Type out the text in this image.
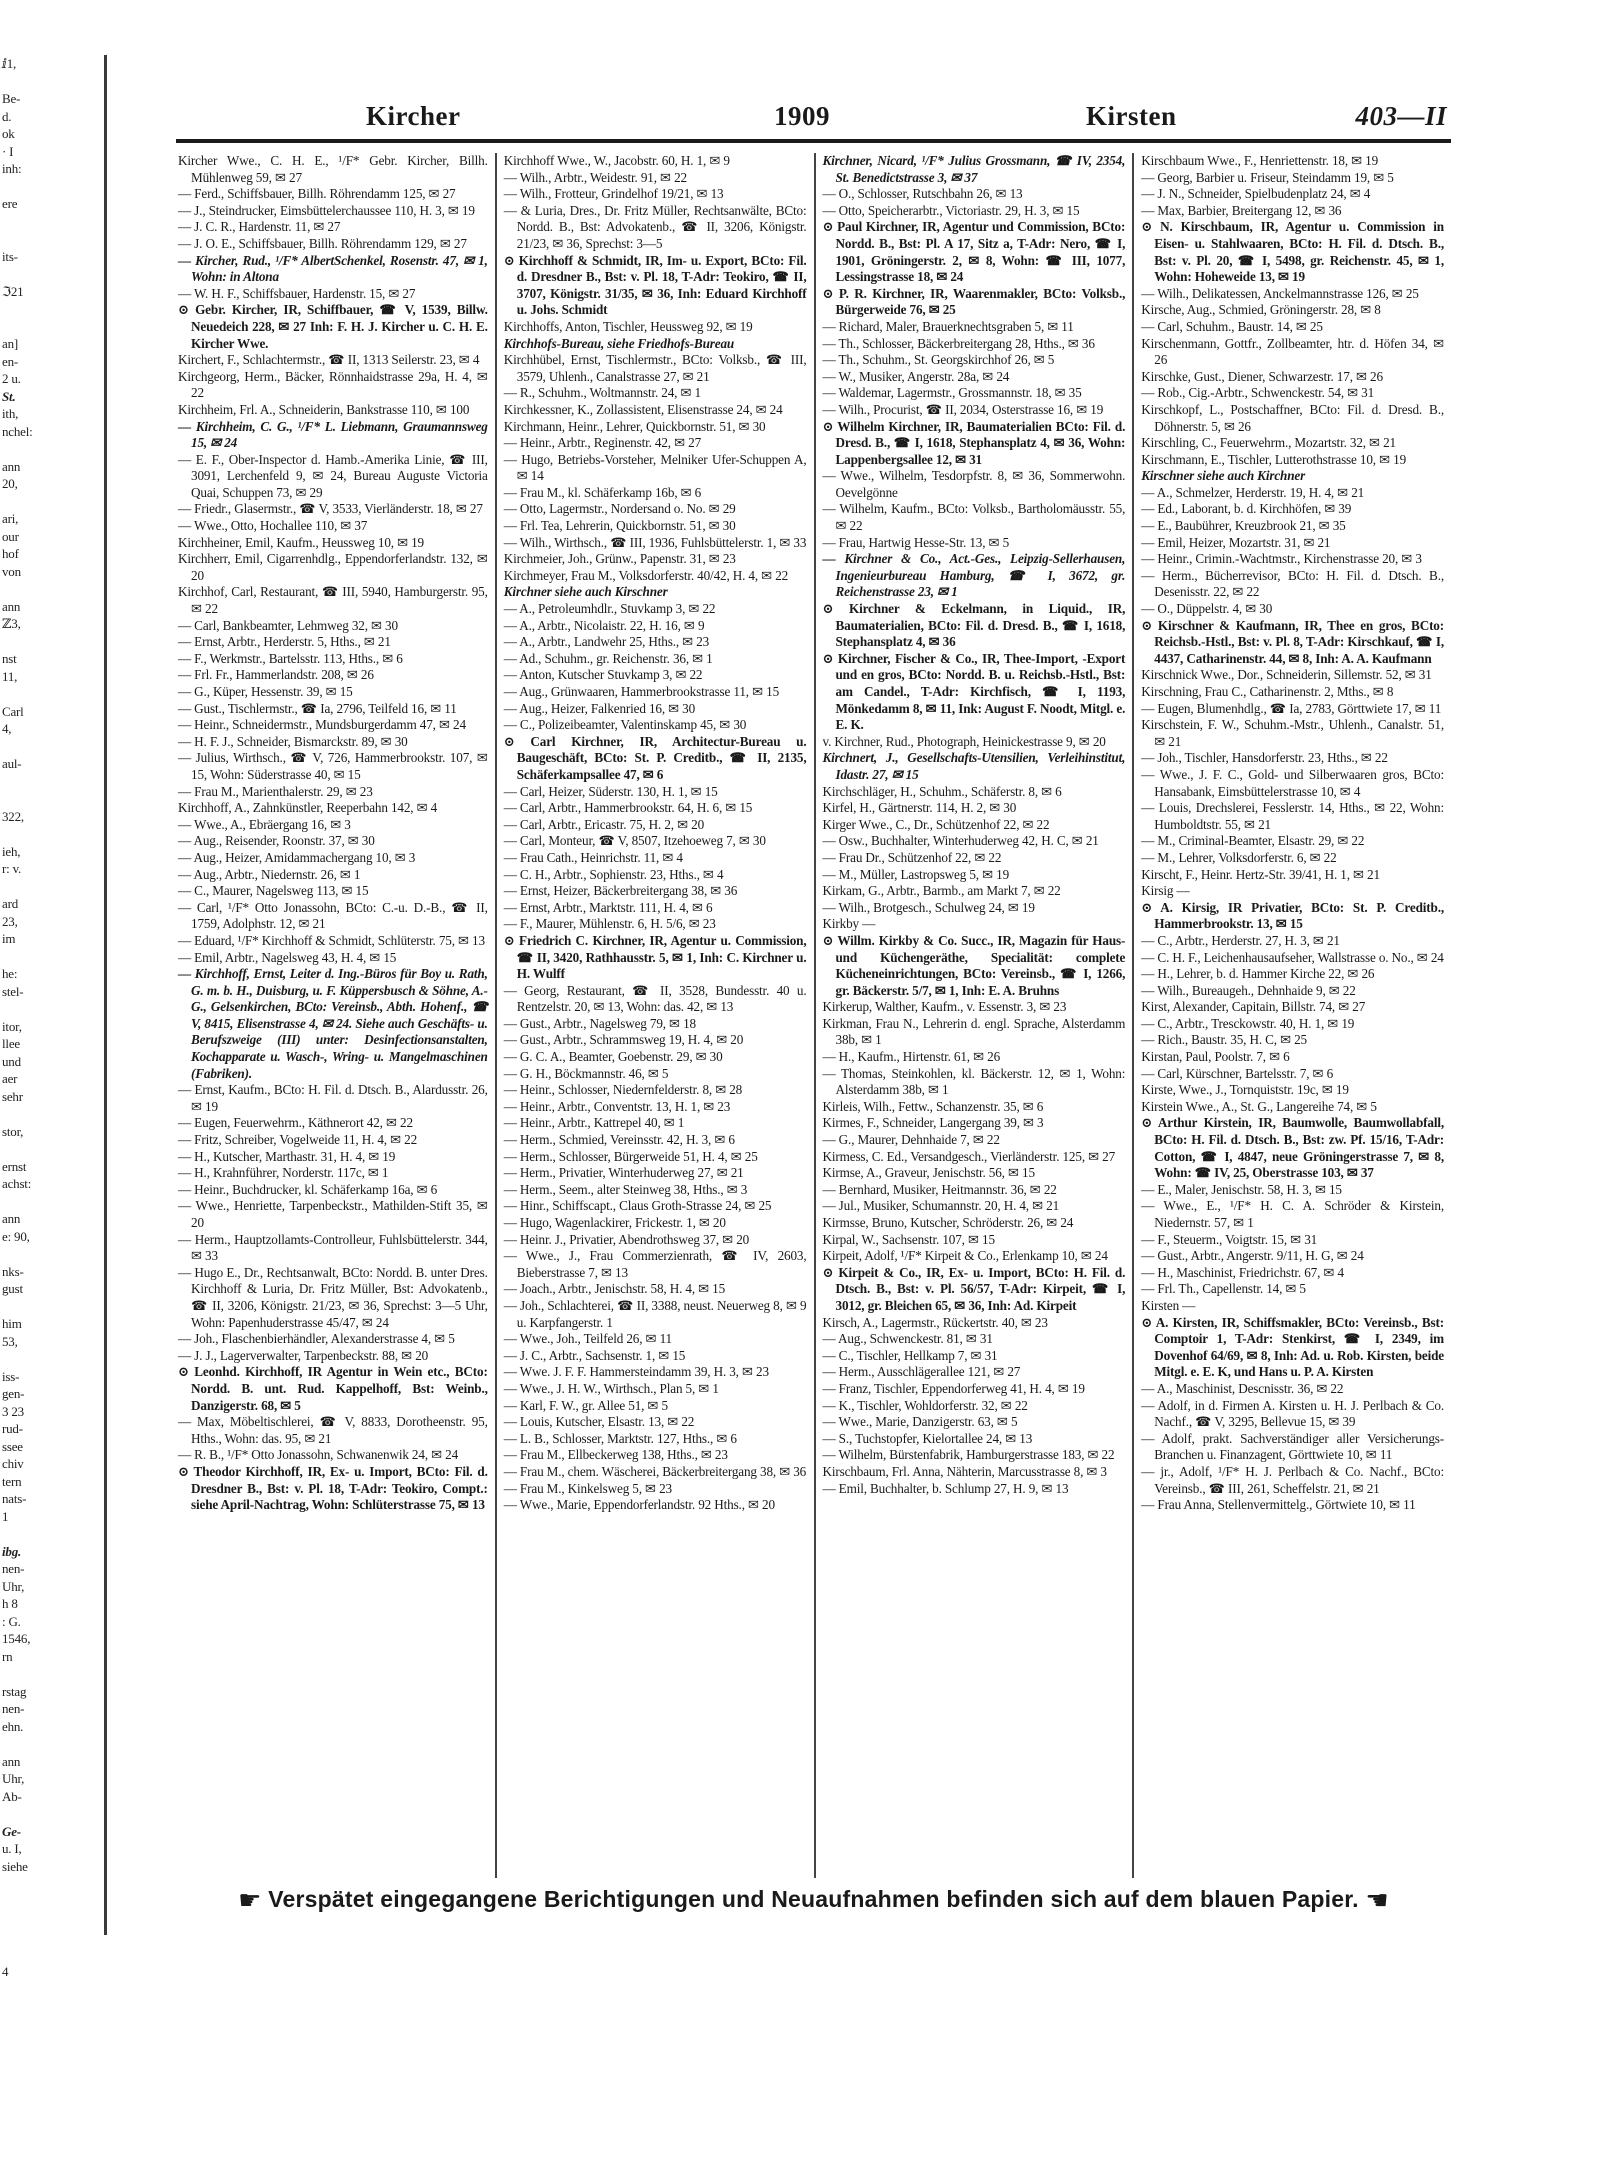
ⅈ1,

Be-
d.
ok
· I
inh:

ere

its-

ℑ21

an]
en-
2 u.
St.
ith,
nchel:

ann
20,

ari,
our
hof
von

ann
ℤ3,

nst
11,

Carl
4,

aul-

322,

ieh,
r: v.

ard
23,
im

he:
stel-

itor,
llee
und
aer
sehr

stor,

ernst
achst:

ann
e: 90,

nks-
gust

him
53,

iss-
gen-
3 23
rud-
ssee
chiv
tern
nats-
1

ibg.
nen-
Uhr,
h 8
: G.
1546,
rn

rstag
nen-
ehn.

ann
Uhr,
Ab-

Ge-
u. I,
siehe

4
Kircher	1909	Kirsten	403—II

Kircher Wwe., C. H. E., ¹/F* Gebr. Kircher, Billh. Mühlenweg 59, ✉ 27

— Ferd., Schiffsbauer, Billh. Röhrendamm 125, ✉ 27

— J., Steindrucker, Eimsbüttelerchaussee 110, H. 3, ✉ 19

— J. C. R., Hardenstr. 11, ✉ 27

— J. O. E., Schiffsbauer, Billh. Röhrendamm 129, ✉ 27

— Kircher, Rud., ¹/F* AlbertSchenkel, Rosenstr. 47, ✉ 1, Wohn: in Altona

— W. H. F., Schiffsbauer, Hardenstr. 15, ✉ 27

⊙ Gebr. Kircher, IR, Schiffbauer, ☎ V, 1539, Billw. Neuedeich 228, ✉ 27 Inh: F. H. J. Kircher u. C. H. E. Kircher Wwe.

Kirchert, F., Schlachtermstr., ☎ II, 1313 Seilerstr. 23, ✉ 4

Kirchgeorg, Herm., Bäcker, Rönnhaidstrasse 29a, H. 4, ✉ 22

Kirchheim, Frl. A., Schneiderin, Bankstrasse 110, ✉ 100

— Kirchheim, C. G., ¹/F* L. Liebmann, Graumannsweg 15, ✉ 24

— E. F., Ober-Inspector d. Hamb.-Amerika Linie, ☎ III, 3091, Lerchenfeld 9, ✉ 24, Bureau Auguste Victoria Quai, Schuppen 73, ✉ 29

— Friedr., Glasermstr., ☎ V, 3533, Vierländerstr. 18, ✉ 27

— Wwe., Otto, Hochallee 110, ✉ 37

Kirchheiner, Emil, Kaufm., Heussweg 10, ✉ 19

Kirchherr, Emil, Cigarrenhdlg., Eppendorferlandstr. 132, ✉ 20

Kirchhof, Carl, Restaurant, ☎ III, 5940, Hamburgerstr. 95, ✉ 22

— Carl, Bankbeamter, Lehmweg 32, ✉ 30

— Ernst, Arbtr., Herderstr. 5, Hths., ✉ 21

— F., Werkmstr., Bartelsstr. 113, Hths., ✉ 6

— Frl. Fr., Hammerlandstr. 208, ✉ 26

— G., Küper, Hessenstr. 39, ✉ 15

— Gust., Tischlermstr., ☎ Ia, 2796, Teilfeld 16, ✉ 11

— Heinr., Schneidermstr., Mundsburgerdamm 47, ✉ 24

— H. F. J., Schneider, Bismarckstr. 89, ✉ 30

— Julius, Wirthsch., ☎ V, 726, Hammerbrookstr. 107, ✉ 15, Wohn: Süderstrasse 40, ✉ 15

— Frau M., Marienthalerstr. 29, ✉ 23

Kirchhoff, A., Zahnkünstler, Reeperbahn 142, ✉ 4

— Wwe., A., Ebräergang 16, ✉ 3

— Aug., Reisender, Roonstr. 37, ✉ 30

— Aug., Heizer, Amidammachergang 10, ✉ 3

— Aug., Arbtr., Niedernstr. 26, ✉ 1

— C., Maurer, Nagelsweg 113, ✉ 15

— Carl, ¹/F* Otto Jonassohn, BCto: C.-u. D.-B., ☎ II, 1759, Adolphstr. 12, ✉ 21

— Eduard, ¹/F* Kirchhoff & Schmidt, Schlüterstr. 75, ✉ 13

— Emil, Arbtr., Nagelsweg 43, H. 4, ✉ 15

— Kirchhoff, Ernst, Leiter d. Ing.-Büros für Boy u. Rath, G. m. b. H., Duisburg, u. F. Küppersbusch & Söhne, A.-G., Gelsenkirchen, BCto: Vereinsb., Abth. Hohenf., ☎ V, 8415, Elisenstrasse 4, ✉ 24. Siehe auch Geschäfts- u. Berufszweige (III) unter: Desinfectionsanstalten, Kochapparate u. Wasch-, Wring- u. Mangelmaschinen (Fabriken).

— Ernst, Kaufm., BCto: H. Fil. d. Dtsch. B., Alardusstr. 26, ✉ 19

— Eugen, Feuerwehrm., Käthnerort 42, ✉ 22

— Fritz, Schreiber, Vogelweide 11, H. 4, ✉ 22

— H., Kutscher, Marthastr. 31, H. 4, ✉ 19

— H., Krahnführer, Norderstr. 117c, ✉ 1

— Heinr., Buchdrucker, kl. Schäferkamp 16a, ✉ 6

— Wwe., Henriette, Tarpenbeckstr., Mathilden-Stift 35, ✉ 20

— Herm., Hauptzollamts-Controlleur, Fuhlsbüttelerstr. 344, ✉ 33

— Hugo E., Dr., Rechtsanwalt, BCto: Nordd. B. unter Dres. Kirchhoff & Luria, Dr. Fritz Müller, Bst: Advokatenb., ☎ II, 3206, Königstr. 21/23, ✉ 36, Sprechst: 3—5 Uhr, Wohn: Papenhuderstrasse 45/47, ✉ 24

— Joh., Flaschenbierhändler, Alexanderstrasse 4, ✉ 5

— J. J., Lagerverwalter, Tarpenbeckstr. 88, ✉ 20

⊙ Leonhd. Kirchhoff, IR Agentur in Wein etc., BCto: Nordd. B. unt. Rud. Kappelhoff, Bst: Weinb., Danzigerstr. 68, ✉ 5

— Max, Möbeltischlerei, ☎ V, 8833, Dorotheenstr. 95, Hths., Wohn: das. 95, ✉ 21

— R. B., ¹/F* Otto Jonassohn, Schwanenwik 24, ✉ 24

⊙ Theodor Kirchhoff, IR, Ex- u. Import, BCto: Fil. d. Dresdner B., Bst: v. Pl. 18, T-Adr: Teokiro, Compt.: siehe April-Nachtrag, Wohn: Schlüterstrasse 75, ✉ 13

Kirchhoff Wwe., W., Jacobstr. 60, H. 1, ✉ 9

— Wilh., Arbtr., Weidestr. 91, ✉ 22

— Wilh., Frotteur, Grindelhof 19/21, ✉ 13

— & Luria, Dres., Dr. Fritz Müller, Rechtsanwälte, BCto: Nordd. B., Bst: Advokatenb., ☎ II, 3206, Königstr. 21/23, ✉ 36, Sprechst: 3—5

⊙ Kirchhoff & Schmidt, IR, Im- u. Export, BCto: Fil. d. Dresdner B., Bst: v. Pl. 18, T-Adr: Teokiro, ☎ II, 3707, Königstr. 31/35, ✉ 36, Inh: Eduard Kirchhoff u. Johs. Schmidt

Kirchhoffs, Anton, Tischler, Heussweg 92, ✉ 19

Kirchhofs-Bureau, siehe Friedhofs-Bureau

Kirchhübel, Ernst, Tischlermstr., BCto: Volksb., ☎ III, 3579, Uhlenh., Canalstrasse 27, ✉ 21

— R., Schuhm., Woltmannstr. 24, ✉ 1

Kirchkessner, K., Zollassistent, Elisenstrasse 24, ✉ 24

Kirchmann, Heinr., Lehrer, Quickbornstr. 51, ✉ 30

— Heinr., Arbtr., Reginenstr. 42, ✉ 27

— Hugo, Betriebs-Vorsteher, Melniker Ufer-Schuppen A, ✉ 14

— Frau M., kl. Schäferkamp 16b, ✉ 6

— Otto, Lagermstr., Nordersand o. No. ✉ 29

— Frl. Tea, Lehrerin, Quickbornstr. 51, ✉ 30

— Wilh., Wirthsch., ☎ III, 1936, Fuhlsbüttelerstr. 1, ✉ 33

Kirchmeier, Joh., Grünw., Papenstr. 31, ✉ 23

Kirchmeyer, Frau M., Volksdorferstr. 40/42, H. 4, ✉ 22

Kirchner siehe auch Kirschner

— A., Petroleumhdlr., Stuvkamp 3, ✉ 22

— A., Arbtr., Nicolaistr. 22, H. 16, ✉ 9

— A., Arbtr., Landwehr 25, Hths., ✉ 23

— Ad., Schuhm., gr. Reichenstr. 36, ✉ 1

— Anton, Kutscher Stuvkamp 3, ✉ 22

— Aug., Grünwaaren, Hammerbrookstrasse 11, ✉ 15

— Aug., Heizer, Falkenried 16, ✉ 30

— C., Polizeibeamter, Valentinskamp 45, ✉ 30

⊙ Carl Kirchner, IR, Architectur-Bureau u. Baugeschäft, BCto: St. P. Creditb., ☎ II, 2135, Schäferkampsallee 47, ✉ 6

— Carl, Heizer, Süderstr. 130, H. 1, ✉ 15

— Carl, Arbtr., Hammerbrookstr. 64, H. 6, ✉ 15

— Carl, Arbtr., Ericastr. 75, H. 2, ✉ 20

— Carl, Monteur, ☎ V, 8507, Itzehoeweg 7, ✉ 30

— Frau Cath., Heinrichstr. 11, ✉ 4

— C. H., Arbtr., Sophienstr. 23, Hths., ✉ 4

— Ernst, Heizer, Bäckerbreitergang 38, ✉ 36

— Ernst, Arbtr., Marktstr. 111, H. 4, ✉ 6

— F., Maurer, Mühlenstr. 6, H. 5/6, ✉ 23

⊙ Friedrich C. Kirchner, IR, Agentur u. Commission, ☎ II, 3420, Rathhausstr. 5, ✉ 1, Inh: C. Kirchner u. H. Wulff

— Georg, Restaurant, ☎ II, 3528, Bundesstr. 40 u. Rentzelstr. 20, ✉ 13, Wohn: das. 42, ✉ 13

— Gust., Arbtr., Nagelsweg 79, ✉ 18

— Gust., Arbtr., Schrammsweg 19, H. 4, ✉ 20

— G. C. A., Beamter, Goebenstr. 29, ✉ 30

— G. H., Böckmannstr. 46, ✉ 5

— Heinr., Schlosser, Niedernfelderstr. 8, ✉ 28

— Heinr., Arbtr., Conventstr. 13, H. 1, ✉ 23

— Heinr., Arbtr., Kattrepel 40, ✉ 1

— Herm., Schmied, Vereinsstr. 42, H. 3, ✉ 6

— Herm., Schlosser, Bürgerweide 51, H. 4, ✉ 25

— Herm., Privatier, Winterhuderweg 27, ✉ 21

— Herm., Seem., alter Steinweg 38, Hths., ✉ 3

— Hinr., Schiffscapt., Claus Groth-Strasse 24, ✉ 25

— Hugo, Wagenlackirer, Frickestr. 1, ✉ 20

— Heinr. J., Privatier, Abendrothsweg 37, ✉ 20

— Wwe., J., Frau Commerzienrath, ☎ IV, 2603, Bieberstrasse 7, ✉ 13

— Joach., Arbtr., Jenischstr. 58, H. 4, ✉ 15

— Joh., Schlachterei, ☎ II, 3388, neust. Neuerweg 8, ✉ 9 u. Karpfangerstr. 1

— Wwe., Joh., Teilfeld 26, ✉ 11

— J. C., Arbtr., Sachsenstr. 1, ✉ 15

— Wwe. J. F. F. Hammersteindamm 39, H. 3, ✉ 23

— Wwe., J. H. W., Wirthsch., Plan 5, ✉ 1

— Karl, F. W., gr. Allee 51, ✉ 5

— Louis, Kutscher, Elsastr. 13, ✉ 22

— L. B., Schlosser, Marktstr. 127, Hths., ✉ 6

— Frau M., Ellbeckerweg 138, Hths., ✉ 23

— Frau M., chem. Wäscherei, Bäckerbreitergang 38, ✉ 36

— Frau M., Kinkelsweg 5, ✉ 23

— Wwe., Marie, Eppendorferlandstr. 92 Hths., ✉ 20

Kirchner, Nicard, ¹/F* Julius Grossmann, ☎ IV, 2354, St. Benedictstrasse 3, ✉ 37

— O., Schlosser, Rutschbahn 26, ✉ 13

— Otto, Speicherarbtr., Victoriastr. 29, H. 3, ✉ 15

⊙ Paul Kirchner, IR, Agentur und Commission, BCto: Nordd. B., Bst: Pl. A 17, Sitz a, T-Adr: Nero, ☎ I, 1901, Gröningerstr. 2, ✉ 8, Wohn: ☎ III, 1077, Lessingstrasse 18, ✉ 24

⊙ P. R. Kirchner, IR, Waarenmakler, BCto: Volksb., Bürgerweide 76, ✉ 25

— Richard, Maler, Brauerknechtsgraben 5, ✉ 11

— Th., Schlosser, Bäckerbreitergang 28, Hths., ✉ 36

— Th., Schuhm., St. Georgskirchhof 26, ✉ 5

— W., Musiker, Angerstr. 28a, ✉ 24

— Waldemar, Lagermstr., Grossmannstr. 18, ✉ 35

— Wilh., Procurist, ☎ II, 2034, Osterstrasse 16, ✉ 19

⊙ Wilhelm Kirchner, IR, Baumaterialien BCto: Fil. d. Dresd. B., ☎ I, 1618, Stephansplatz 4, ✉ 36, Wohn: Lappenbergsallee 12, ✉ 31

— Wwe., Wilhelm, Tesdorpfstr. 8, ✉ 36, Sommerwohn. Oevelgönne

— Wilhelm, Kaufm., BCto: Volksb., Bartholomäusstr. 55, ✉ 22

— Frau, Hartwig Hesse-Str. 13, ✉ 5

— Kirchner & Co., Act.-Ges., Leipzig-Sellerhausen, Ingenieurbureau Hamburg, ☎ I, 3672, gr. Reichenstrasse 23, ✉ 1

⊙ Kirchner & Eckelmann, in Liquid., IR, Baumaterialien, BCto: Fil. d. Dresd. B., ☎ I, 1618, Stephansplatz 4, ✉ 36

⊙ Kirchner, Fischer & Co., IR, Thee-Import, -Export und en gros, BCto: Nordd. B. u. Reichsb.-Hstl., Bst: am Candel., T-Adr: Kirchfisch, ☎ I, 1193, Mönkedamm 8, ✉ 11, Ink: August F. Noodt, Mitgl. e. E. K.

v. Kirchner, Rud., Photograph, Heinickestrasse 9, ✉ 20

Kirchnert, J., Gesellschafts-Utensilien, Verleihinstitut, Idastr. 27, ✉ 15

Kirchschläger, H., Schuhm., Schäferstr. 8, ✉ 6

Kirfel, H., Gärtnerstr. 114, H. 2, ✉ 30

Kirger Wwe., C., Dr., Schützenhof 22, ✉ 22

— Osw., Buchhalter, Winterhuderweg 42, H. C, ✉ 21

— Frau Dr., Schützenhof 22, ✉ 22

— M., Müller, Lastropsweg 5, ✉ 19

Kirkam, G., Arbtr., Barmb., am Markt 7, ✉ 22

— Wilh., Brotgesch., Schulweg 24, ✉ 19

Kirkby —

⊙ Willm. Kirkby & Co. Succ., IR, Magazin für Haus- und Küchengeräthe, Specialität: complete Kücheneinrichtungen, BCto: Vereinsb., ☎ I, 1266, gr. Bäckerstr. 5/7, ✉ 1, Inh: E. A. Bruhns

Kirkerup, Walther, Kaufm., v. Essenstr. 3, ✉ 23

Kirkman, Frau N., Lehrerin d. engl. Sprache, Alsterdamm 38b, ✉ 1

— H., Kaufm., Hirtenstr. 61, ✉ 26

— Thomas, Steinkohlen, kl. Bäckerstr. 12, ✉ 1, Wohn: Alsterdamm 38b, ✉ 1

Kirleis, Wilh., Fettw., Schanzenstr. 35, ✉ 6

Kirmes, F., Schneider, Langergang 39, ✉ 3

— G., Maurer, Dehnhaide 7, ✉ 22

Kirmess, C. Ed., Versandgesch., Vierländerstr. 125, ✉ 27

Kirmse, A., Graveur, Jenischstr. 56, ✉ 15

— Bernhard, Musiker, Heitmannstr. 36, ✉ 22

— Jul., Musiker, Schumannstr. 20, H. 4, ✉ 21

Kirmsse, Bruno, Kutscher, Schröderstr. 26, ✉ 24

Kirpal, W., Sachsenstr. 107, ✉ 15

Kirpeit, Adolf, ¹/F* Kirpeit & Co., Erlenkamp 10, ✉ 24

⊙ Kirpeit & Co., IR, Ex- u. Import, BCto: H. Fil. d. Dtsch. B., Bst: v. Pl. 56/57, T-Adr: Kirpeit, ☎ I, 3012, gr. Bleichen 65, ✉ 36, Inh: Ad. Kirpeit

Kirsch, A., Lagermstr., Rückertstr. 40, ✉ 23

— Aug., Schwenckestr. 81, ✉ 31

— C., Tischler, Hellkamp 7, ✉ 31

— Herm., Ausschlägerallee 121, ✉ 27

— Franz, Tischler, Eppendorferweg 41, H. 4, ✉ 19

— K., Tischler, Wohldorferstr. 32, ✉ 22

— Wwe., Marie, Danzigerstr. 63, ✉ 5

— S., Tuchstopfer, Kielortallee 24, ✉ 13

— Wilhelm, Bürstenfabrik, Hamburgerstrasse 183, ✉ 22

Kirschbaum, Frl. Anna, Nähterin, Marcusstrasse 8, ✉ 3

— Emil, Buchhalter, b. Schlump 27, H. 9, ✉ 13

Kirschbaum Wwe., F., Henriettenstr. 18, ✉ 19

— Georg, Barbier u. Friseur, Steindamm 19, ✉ 5

— J. N., Schneider, Spielbudenplatz 24, ✉ 4

— Max, Barbier, Breitergang 12, ✉ 36

⊙ N. Kirschbaum, IR, Agentur u. Commission in Eisen- u. Stahlwaaren, BCto: H. Fil. d. Dtsch. B., Bst: v. Pl. 20, ☎ I, 5498, gr. Reichenstr. 45, ✉ 1, Wohn: Hoheweide 13, ✉ 19

— Wilh., Delikatessen, Anckelmannstrasse 126, ✉ 25

Kirsche, Aug., Schmied, Gröningerstr. 28, ✉ 8

— Carl, Schuhm., Baustr. 14, ✉ 25

Kirschenmann, Gottfr., Zollbeamter, htr. d. Höfen 34, ✉ 26

Kirschke, Gust., Diener, Schwarzestr. 17, ✉ 26

— Rob., Cig.-Arbtr., Schwenckestr. 54, ✉ 31

Kirschkopf, L., Postschaffner, BCto: Fil. d. Dresd. B., Döhnerstr. 5, ✉ 26

Kirschling, C., Feuerwehrm., Mozartstr. 32, ✉ 21

Kirschmann, E., Tischler, Lutterothstrasse 10, ✉ 19

Kirschner siehe auch Kirchner

— A., Schmelzer, Herderstr. 19, H. 4, ✉ 21

— Ed., Laborant, b. d. Kirchhöfen, ✉ 39

— E., Baubührer, Kreuzbrook 21, ✉ 35

— Emil, Heizer, Mozartstr. 31, ✉ 21

— Heinr., Crimin.-Wachtmstr., Kirchenstrasse 20, ✉ 3

— Herm., Bücherrevisor, BCto: H. Fil. d. Dtsch. B., Desenisstr. 22, ✉ 22

— O., Düppelstr. 4, ✉ 30

⊙ Kirschner & Kaufmann, IR, Thee en gros, BCto: Reichsb.-Hstl., Bst: v. Pl. 8, T-Adr: Kirschkauf, ☎ I, 4437, Catharinenstr. 44, ✉ 8, Inh: A. A. Kaufmann

Kirschnick Wwe., Dor., Schneiderin, Sillemstr. 52, ✉ 31

Kirschning, Frau C., Catharinenstr. 2, Mths., ✉ 8

— Eugen, Blumenhdlg., ☎ Ia, 2783, Görttwiete 17, ✉ 11

Kirschstein, F. W., Schuhm.-Mstr., Uhlenh., Canalstr. 51, ✉ 21

— Joh., Tischler, Hansdorferstr. 23, Hths., ✉ 22

— Wwe., J. F. C., Gold- und Silberwaaren gros, BCto: Hansabank, Eimsbüttelerstrasse 10, ✉ 4

— Louis, Drechslerei, Fesslerstr. 14, Hths., ✉ 22, Wohn: Humboldtstr. 55, ✉ 21

— M., Criminal-Beamter, Elsastr. 29, ✉ 22

— M., Lehrer, Volksdorferstr. 6, ✉ 22

Kirscht, F., Heinr. Hertz-Str. 39/41, H. 1, ✉ 21

Kirsig —

⊙ A. Kirsig, IR Privatier, BCto: St. P. Creditb., Hammerbrookstr. 13, ✉ 15

— C., Arbtr., Herderstr. 27, H. 3, ✉ 21

— C. H. F., Leichenhausaufseher, Wallstrasse o. No., ✉ 24

— H., Lehrer, b. d. Hammer Kirche 22, ✉ 26

— Wilh., Bureaugeh., Dehnhaide 9, ✉ 22

Kirst, Alexander, Capitain, Billstr. 74, ✉ 27

— C., Arbtr., Tresckowstr. 40, H. 1, ✉ 19

— Rich., Baustr. 35, H. C, ✉ 25

Kirstan, Paul, Poolstr. 7, ✉ 6

— Carl, Kürschner, Bartelsstr. 7, ✉ 6

Kirste, Wwe., J., Tornquiststr. 19c, ✉ 19

Kirstein Wwe., A., St. G., Langereihe 74, ✉ 5

⊙ Arthur Kirstein, IR, Baumwolle, Baumwollabfall, BCto: H. Fil. d. Dtsch. B., Bst: zw. Pf. 15/16, T-Adr: Cotton, ☎ I, 4847, neue Gröningerstrasse 7, ✉ 8, Wohn: ☎ IV, 25, Oberstrasse 103, ✉ 37

— E., Maler, Jenischstr. 58, H. 3, ✉ 15

— Wwe., E., ¹/F* H. C. A. Schröder & Kirstein, Niedernstr. 57, ✉ 1

— F., Steuerm., Voigtstr. 15, ✉ 31

— Gust., Arbtr., Angerstr. 9/11, H. G, ✉ 24

— H., Maschinist, Friedrichstr. 67, ✉ 4

— Frl. Th., Capellenstr. 14, ✉ 5

Kirsten —

⊙ A. Kirsten, IR, Schiffsmakler, BCto: Vereinsb., Bst: Comptoir 1, T-Adr: Stenkirst, ☎ I, 2349, im Dovenhof 64/69, ✉ 8, Inh: Ad. u. Rob. Kirsten, beide Mitgl. e. E. K, und Hans u. P. A. Kirsten

— A., Maschinist, Descnisstr. 36, ✉ 22

— Adolf, in d. Firmen A. Kirsten u. H. J. Perlbach & Co. Nachf., ☎ V, 3295, Bellevue 15, ✉ 39

— Adolf, prakt. Sachverständiger aller Versicherungs-Branchen u. Finanzagent, Görttwiete 10, ✉ 11

— jr., Adolf, ¹/F* H. J. Perlbach & Co. Nachf., BCto: Vereinsb., ☎ III, 261, Scheffelstr. 21, ✉ 21

— Frau Anna, Stellenvermittelg., Görtwiete 10, ✉ 11

☛ Verspätet eingegangene Berichtigungen und Neuaufnahmen befinden sich auf dem blauen Papier. ☚
